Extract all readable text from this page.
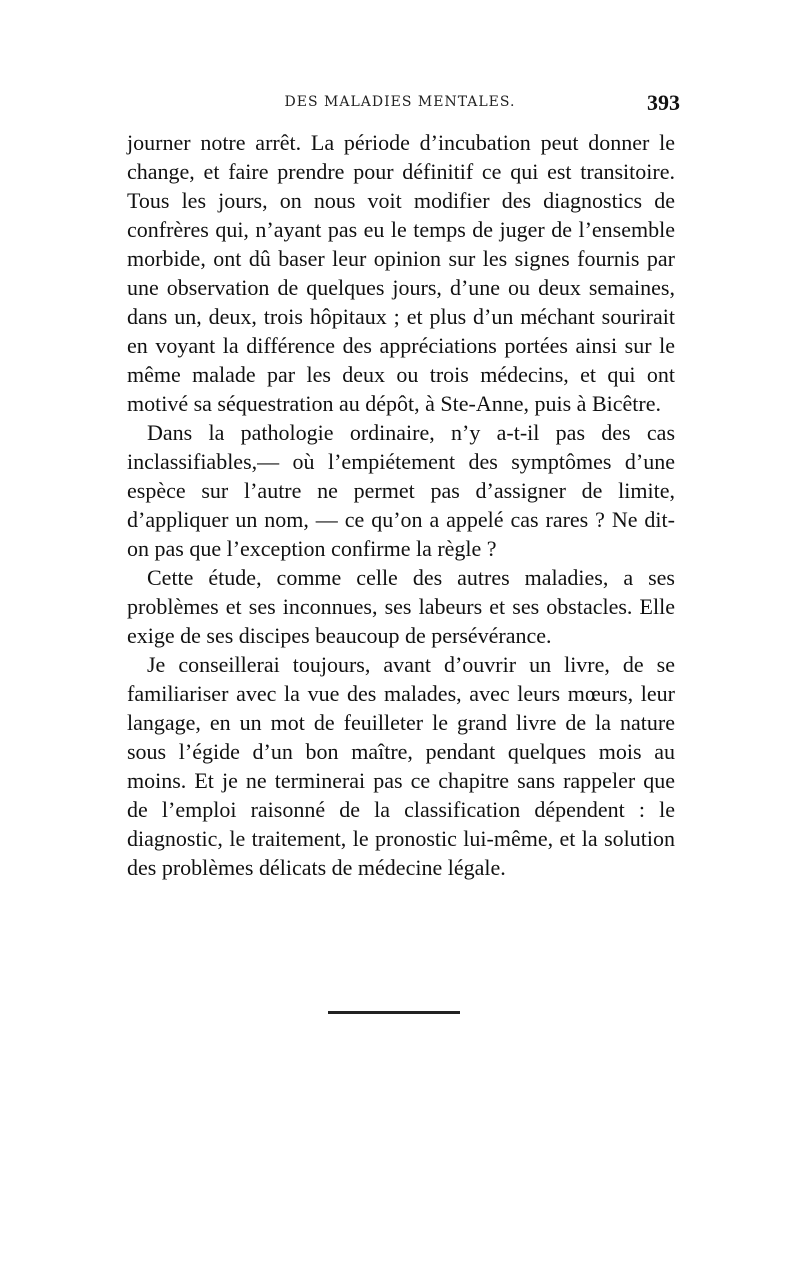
DES MALADIES MENTALES.	393

journer notre arrêt. La période d’incubation peut donner le change, et faire prendre pour définitif ce qui est transitoire. Tous les jours, on nous voit modifier des diagnostics de confrères qui, n’ayant pas eu le temps de juger de l’ensemble morbide, ont dû baser leur opinion sur les signes fournis par une observation de quelques jours, d’une ou deux semaines, dans un, deux, trois hôpitaux ; et plus d’un méchant sourirait en voyant la différence des appréciations portées ainsi sur le même malade par les deux ou trois médecins, et qui ont motivé sa séquestration au dépôt, à Ste-Anne, puis à Bicêtre.

Dans la pathologie ordinaire, n’y a-t-il pas des cas inclassifiables,— où l’empiétement des symptômes d’une espèce sur l’autre ne permet pas d’assigner de limite, d’appliquer un nom, — ce qu’on a appelé cas rares ? Ne dit-on pas que l’exception confirme la règle ?

Cette étude, comme celle des autres maladies, a ses problèmes et ses inconnues, ses labeurs et ses obstacles. Elle exige de ses discipes beaucoup de persévérance.

Je conseillerai toujours, avant d’ouvrir un livre, de se familiariser avec la vue des malades, avec leurs mœurs, leur langage, en un mot de feuilleter le grand livre de la nature sous l’égide d’un bon maître, pendant quelques mois au moins. Et je ne terminerai pas ce chapitre sans rappeler que de l’emploi raisonné de la classification dépendent : le diagnostic, le traitement, le pronostic lui-même, et la solution des problèmes délicats de médecine légale.
